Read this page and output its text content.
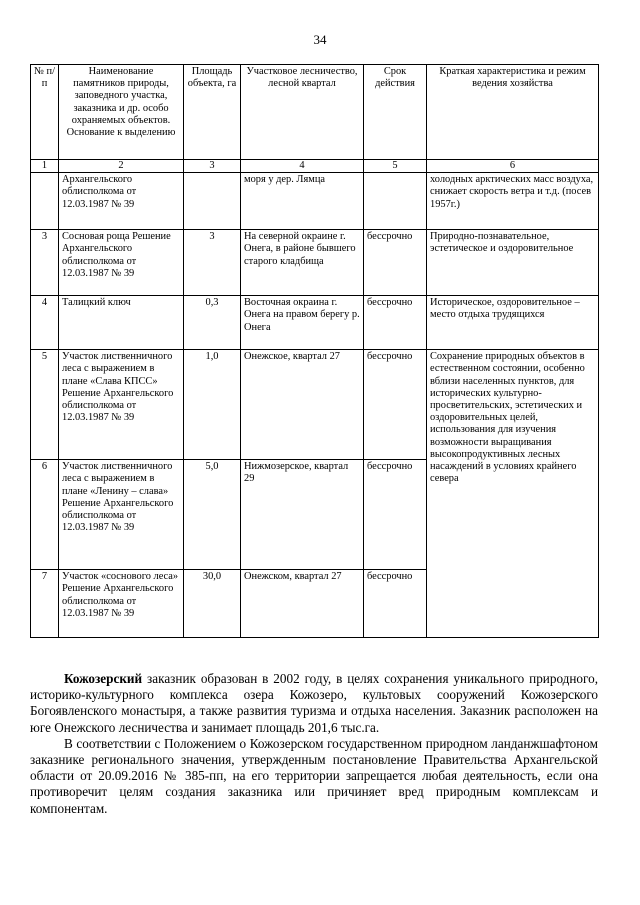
34
№ п/п	Наименование памятников природы, заповедного участка, заказника и др. особо охраняемых объектов. Основание к выделению	Площадь объекта, га	Участковое лесничество, лесной квартал	Срок действия	Краткая характеристика и режим ведения хозяйства
1	2	3	4	5	6
	Архангельского облисполкома от 12.03.1987 № 39		моря у дер. Лямца		холодных арктических масс воздуха, снижает скорость ветра и т.д. (посев 1957г.)
3	Сосновая роща Решение Архангельского облисполкома от 12.03.1987 № 39	3	На северной окраине г. Онега, в районе бывшего старого кладбища	бессрочно	Природно-познавательное, эстетическое и оздоровительное
4	Талицкий ключ	0,3	Восточная окраина г. Онега на правом берегу р. Онега	бессрочно	Историческое, оздоровительное – место отдыха трудящихся
5	Участок лиственничного леса с выражением в плане «Слава КПСС» Решение Архангельского облисполкома от 12.03.1987 № 39	1,0	Онежское, квартал 27	бессрочно	Сохранение природных объектов в естественном состоянии, особенно вблизи населенных пунктов, для исторических культурно-просветительских, эстетических и оздоровительных целей, использования для изучения возможности выращивания высокопродуктивных лесных насаждений в условиях крайнего севера
6	Участок лиственничного леса с выражением в плане «Ленину – слава» Решение Архангельского облисполкома от 12.03.1987 № 39	5,0	Нижмозерское, квартал 29	бессрочно	
7	Участок «соснового леса» Решение Архангельского облисполкома от 12.03.1987 № 39	30,0	Онежском, квартал 27	бессрочно	

Кожозерский заказник образован в 2002 году, в целях сохранения уникального природного, историко-культурного комплекса озера Кожозеро, культовых сооружений Кожозерского Богоявленского монастыря, а также развития туризма и отдыха населения. Заказник расположен на юге Онежского лесничества и занимает площадь 201,6 тыс.га.

В соответствии с Положением о Кожозерском государственном природном ланданжшафтоном заказнике регионального значения, утвержденным постановление Правительства Архангельской области от 20.09.2016 № 385-пп, на его территории запрещается любая деятельность, если она противоречит целям создания заказника или причиняет вред природным комплексам и компонентам.
